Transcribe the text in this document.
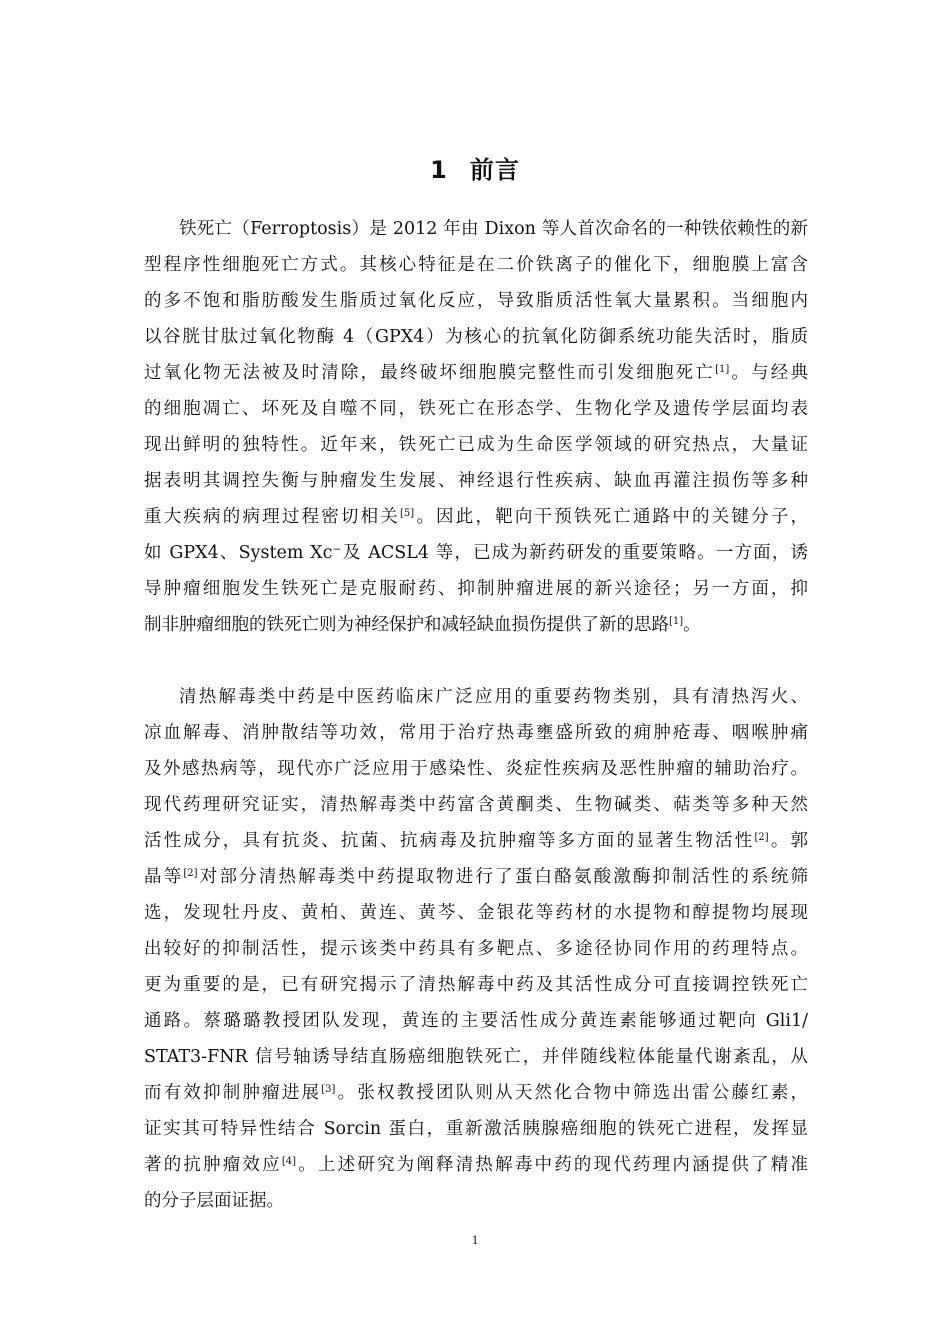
1 前言
铁死亡（Ferroptosis）是 2012 年由 Dixon 等人首次命名的一种铁依赖性的新
型程序性细胞死亡方式。其核心特征是在二价铁离子的催化下，细胞膜上富含
的多不饱和脂肪酸发生脂质过氧化反应，导致脂质活性氧大量累积。当细胞内
以谷胱甘肽过氧化物酶 4（GPX4）为核心的抗氧化防御系统功能失活时，脂质
过氧化物无法被及时清除，最终破坏细胞膜完整性而引发细胞死亡[1]。与经典
的细胞凋亡、坏死及自噬不同，铁死亡在形态学、生物化学及遗传学层面均表
现出鲜明的独特性。近年来，铁死亡已成为生命医学领域的研究热点，大量证
据表明其调控失衡与肿瘤发生发展、神经退行性疾病、缺血再灌注损伤等多种
重大疾病的病理过程密切相关[5]。因此，靶向干预铁死亡通路中的关键分子，
如 GPX4、System Xc⁻及 ACSL4 等，已成为新药研发的重要策略。一方面，诱
导肿瘤细胞发生铁死亡是克服耐药、抑制肿瘤进展的新兴途径；另一方面，抑
制非肿瘤细胞的铁死亡则为神经保护和减轻缺血损伤提供了新的思路[1]。
清热解毒类中药是中医药临床广泛应用的重要药物类别，具有清热泻火、
凉血解毒、消肿散结等功效，常用于治疗热毒壅盛所致的痈肿疮毒、咽喉肿痛
及外感热病等，现代亦广泛应用于感染性、炎症性疾病及恶性肿瘤的辅助治疗。
现代药理研究证实，清热解毒类中药富含黄酮类、生物碱类、萜类等多种天然
活性成分，具有抗炎、抗菌、抗病毒及抗肿瘤等多方面的显著生物活性[2]。郭
晶等[2]对部分清热解毒类中药提取物进行了蛋白酪氨酸激酶抑制活性的系统筛
选，发现牡丹皮、黄柏、黄连、黄芩、金银花等药材的水提物和醇提物均展现
出较好的抑制活性，提示该类中药具有多靶点、多途径协同作用的药理特点。
更为重要的是，已有研究揭示了清热解毒中药及其活性成分可直接调控铁死亡
通路。蔡璐璐教授团队发现，黄连的主要活性成分黄连素能够通过靶向 Gli1/
STAT3-FNR 信号轴诱导结直肠癌细胞铁死亡，并伴随线粒体能量代谢紊乱，从
而有效抑制肿瘤进展[3]。张权教授团队则从天然化合物中筛选出雷公藤红素，
证实其可特异性结合 Sorcin 蛋白，重新激活胰腺癌细胞的铁死亡进程，发挥显
著的抗肿瘤效应[4]。上述研究为阐释清热解毒中药的现代药理内涵提供了精准
的分子层面证据。
1
